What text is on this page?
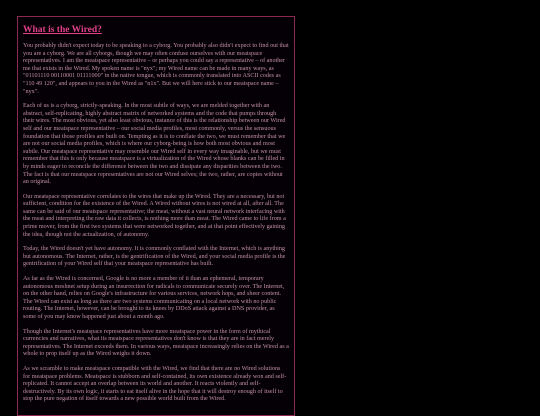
What is the Wired?

You probably didn't expect today to be speaking to a cyborg. You probably also didn't expect to find out that you are a cyborg. We are all cyborgs, though we may often confuse ourselves with our meatspace representatives. I am the meatspace representative – or perhaps you could say a representative – of another me that exists in the Wired. My spoken name is "nyx"; my Wired name can be made in many ways, as "01101110 00110001 01111000" in the native tongue, which is commonly translated into ASCII codes as "110 49 120", and appears to you in the Wired as "n1x". But we will here stick to our meatspace name – "nyx".

Each of us is a cyborg, strictly-speaking. In the most subtle of ways, we are melded together with an abstract, self-replicating, highly abstract matrix of networked systems and the code that pumps through their wires. The most obvious, yet also least obvious, instance of this is the relationship between our Wired self and our meatspace representative – our social media profiles, most commonly, versus the sensuous foundation that those profiles are built on. Tempting as it is to conflate the two, we must remember that we are not our social media profiles, which is where our cyborg-being is how both most obvious and most subtle. Our meatspace representative may resemble our Wired self in every way imaginable, but we must remember that this is only because meatspace is a virtualization of the Wired whose blanks can be filled in by minds eager to reconcile the difference between the two and dissipate any disparities between the two. The fact is that our meatspace representatives are not our Wired selves; the two, rather, are copies without an original.

Our meatspace representative correlates to the wires that make up the Wired. They are a necessary, but not sufficient, condition for the existence of the Wired. A Wired without wires is not wired at all, after all. The same can be said of our meatspace representative; the meat, without a vast neural network interfacing with the meat and interpreting the raw data it collects, is nothing more than meat. The Wired came to life from a prime mover, from the first two systems that were networked together, and at that point effectively gaining the idea, though not the actualization, of autonomy.

Today, the Wired doesn't yet have autonomy. It is commonly conflated with the Internet, which is anything but autonomous. The Internet, rather, is the gentrification of the Wired, and your social media profile is the gentrification of your Wired self that your meatspace representative has built.

As far as the Wired is concerned, Google is no more a member of it than an ephemeral, temporary autonomous meshnet setup during an insurrection for radicals to communicate securely over. The Internet, on the other hand, relies on Google's infrastructure for various services, network hops, and sheer content. The Wired can exist as long as there are two systems communicating on a local network with no public routing. The Internet, however, can be brought to its knees by DDoS attack against a DNS provider, as some of you may know happened just about a month ago.

Though the Internet's meatspace representatives have more meatspace power in the form of mythical currencies and narratives, what its meatspace representatives don't know is that they are in fact merely representatives. The Internet exceeds them. In various ways, meatspace increasingly relies on the Wired as a whole to prop itself up as the Wired weighs it down.

As we scramble to make meatspace compatible with the Wired, we find that there are no Wired solutions for meatspace problems. Meatspace is stubborn and self-contained, its own existence already won and self-replicated. It cannot accept an overlap between its world and another. It reacts violently and self-destructively. By its own logic, it starts to eat itself alive in the hope that it will destroy enough of itself to stop the pure negation of itself towards a new possible world built from the Wired.
